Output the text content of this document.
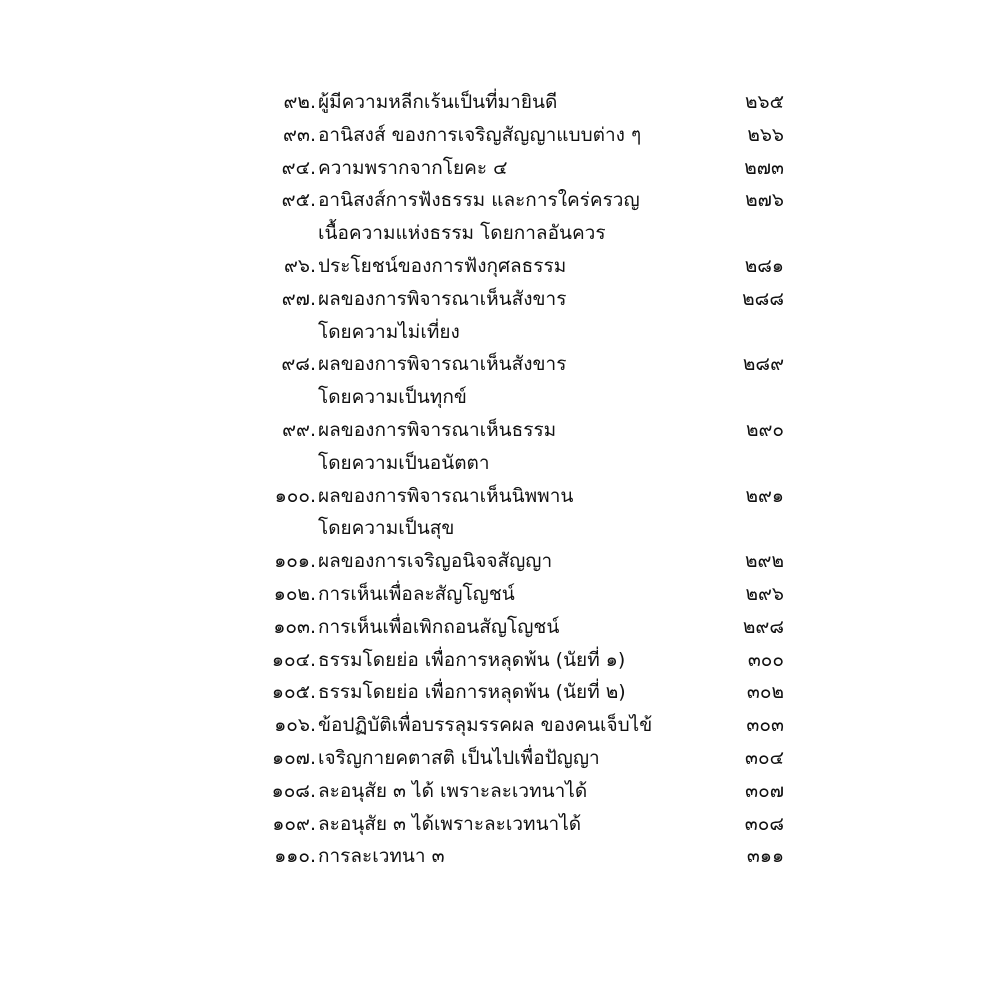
๙๒. ผู้มีความหลีกเร้นเป็นที่มายินดี	๒๖๕
๙๓. อานิสงส์ ของการเจริญสัญญาแบบต่าง ๆ	๒๖๖
๙๔. ความพรากจากโยคะ ๔	๒๗๓
๙๕. อานิสงส์การฟังธรรม และการใคร่ครวญ	๒๗๖
เนื้อความแห่งธรรม โดยกาลอันควร
๙๖. ประโยชน์ของการฟังกุศลธรรม	๒๘๑
๙๗. ผลของการพิจารณาเห็นสังขาร	๒๘๘
โดยความไม่เที่ยง
๙๘. ผลของการพิจารณาเห็นสังขาร	๒๘๙
โดยความเป็นทุกข์
๙๙. ผลของการพิจารณาเห็นธรรม	๒๙๐
โดยความเป็นอนัตตา
๑๐๐. ผลของการพิจารณาเห็นนิพพาน	๒๙๑
โดยความเป็นสุข
๑๐๑. ผลของการเจริญอนิจจสัญญา	๒๙๒
๑๐๒. การเห็นเพื่อละสัญโญชน์	๒๙๖
๑๐๓. การเห็นเพื่อเพิกถอนสัญโญชน์	๒๙๘
๑๐๔. ธรรมโดยย่อ เพื่อการหลุดพ้น (นัยที่ ๑)	๓๐๐
๑๐๕. ธรรมโดยย่อ เพื่อการหลุดพ้น (นัยที่ ๒)	๓๐๒
๑๐๖. ข้อปฏิบัติเพื่อบรรลุมรรคผล ของคนเจ็บไข้	๓๐๓
๑๐๗. เจริญกายคตาสติ เป็นไปเพื่อปัญญา	๓๐๔
๑๐๘. ละอนุสัย ๓ ได้ เพราะละเวทนาได้	๓๐๗
๑๐๙. ละอนุสัย ๓ ได้เพราะละเวทนาได้	๓๐๘
๑๑๐. การละเวทนา ๓	๓๑๑
